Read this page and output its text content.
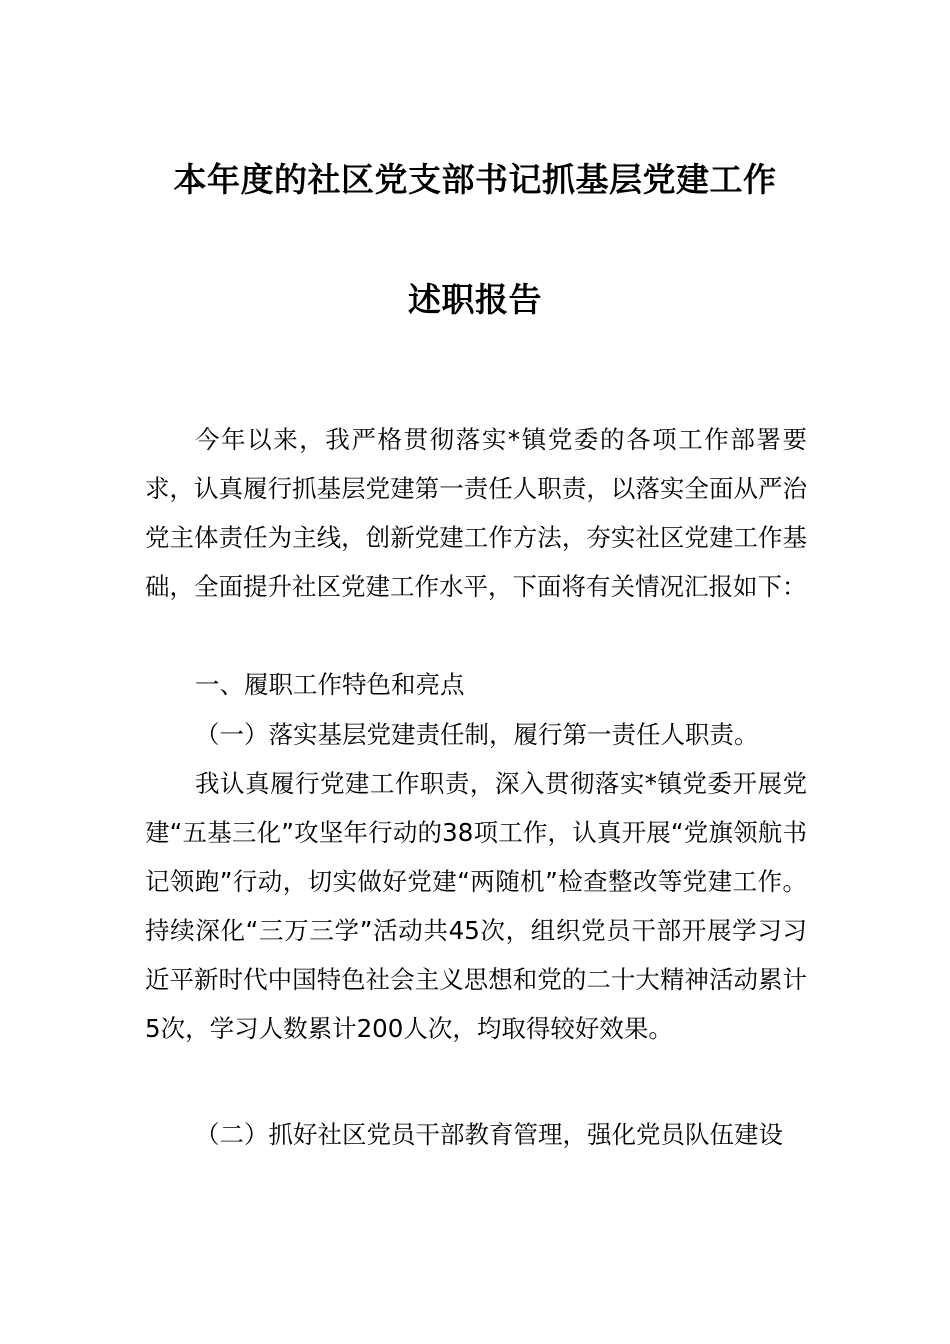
本年度的社区党支部书记抓基层党建工作
述职报告

今年以来，我严格贯彻落实*镇党委的各项工作部署要求，认真履行抓基层党建第一责任人职责，以落实全面从严治党主体责任为主线，创新党建工作方法，夯实社区党建工作基础，全面提升社区党建工作水平，下面将有关情况汇报如下：

一、履职工作特色和亮点

（一）落实基层党建责任制，履行第一责任人职责。

我认真履行党建工作职责，深入贯彻落实*镇党委开展党建“五基三化”攻坚年行动的38项工作，认真开展“党旗领航书记领跑”行动，切实做好党建“两随机”检查整改等党建工作。持续深化“三万三学”活动共45次，组织党员干部开展学习习近平新时代中国特色社会主义思想和党的二十大精神活动累计5次，学习人数累计200人次，均取得较好效果。

（二）抓好社区党员干部教育管理，强化党员队伍建设
